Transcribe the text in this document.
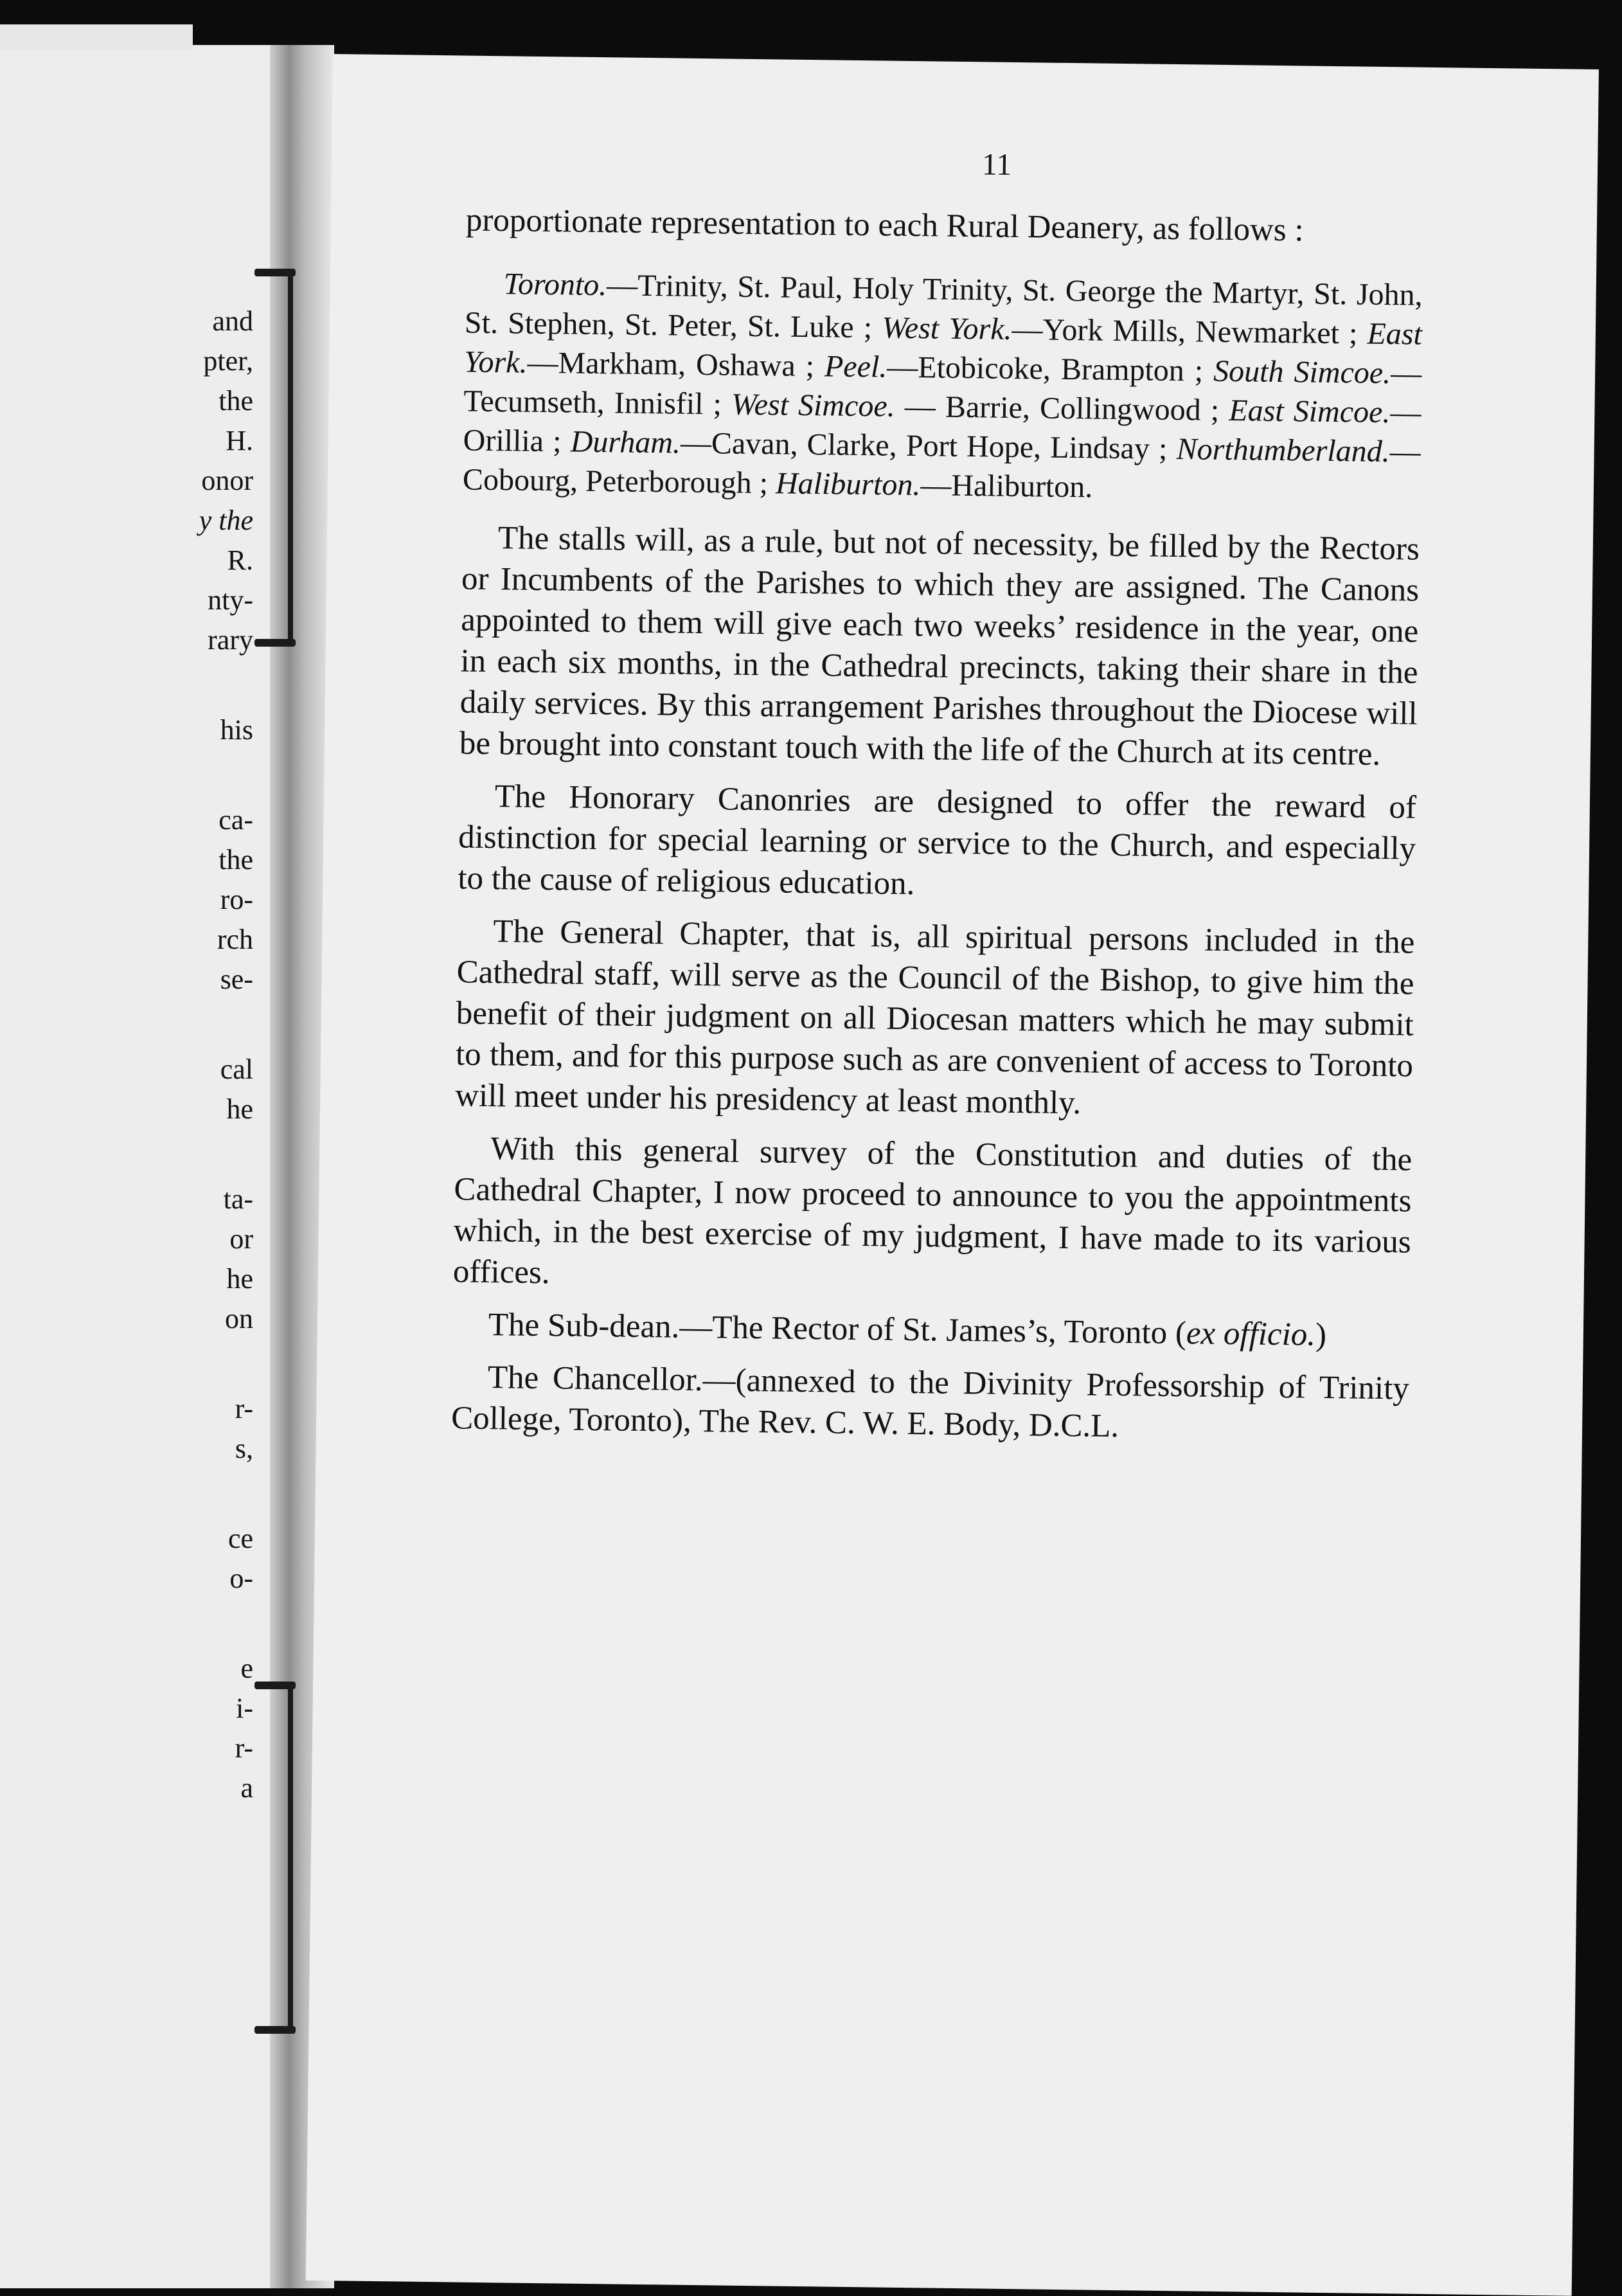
and
pter,
the
H.
onor
y the
R.
nty-
rary
his
ca-
the
ro-
rch
se-
cal
he
ta-
or
he
on
r-
s,
ce
o-
e
i-
r-
a
11

proportionate representation to each Rural Deanery, as follows :

Toronto.—Trinity, St. Paul, Holy Trinity, St. George the Martyr, St. John, St. Stephen, St. Peter, St. Luke ; West York.—York Mills, Newmarket ; East York.—Markham, Oshawa ; Peel.—Etobicoke, Brampton ; South Simcoe.—Tecumseth, Innisfil ; West Simcoe. — Barrie, Collingwood ; East Simcoe.—Orillia ; Durham.—Cavan, Clarke, Port Hope, Lindsay ; Northumberland.—Cobourg, Peterborough ; Haliburton.—Haliburton.

The stalls will, as a rule, but not of necessity, be filled by the Rectors or Incumbents of the Parishes to which they are assigned. The Canons appointed to them will give each two weeks’ residence in the year, one in each six months, in the Cathedral precincts, taking their share in the daily services. By this arrangement Parishes throughout the Diocese will be brought into constant touch with the life of the Church at its centre.

The Honorary Canonries are designed to offer the reward of distinction for special learning or service to the Church, and especially to the cause of religious education.

The General Chapter, that is, all spiritual persons included in the Cathedral staff, will serve as the Council of the Bishop, to give him the benefit of their judgment on all Diocesan matters which he may submit to them, and for this purpose such as are convenient of access to Toronto will meet under his presidency at least monthly.

With this general survey of the Constitution and duties of the Cathedral Chapter, I now proceed to announce to you the appointments which, in the best exercise of my judgment, I have made to its various offices.

The Sub-dean.—The Rector of St. James’s, Toronto (ex officio.)

The Chancellor.—(annexed to the Divinity Professorship of Trinity College, Toronto), The Rev. C. W. E. Body, D.C.L.
